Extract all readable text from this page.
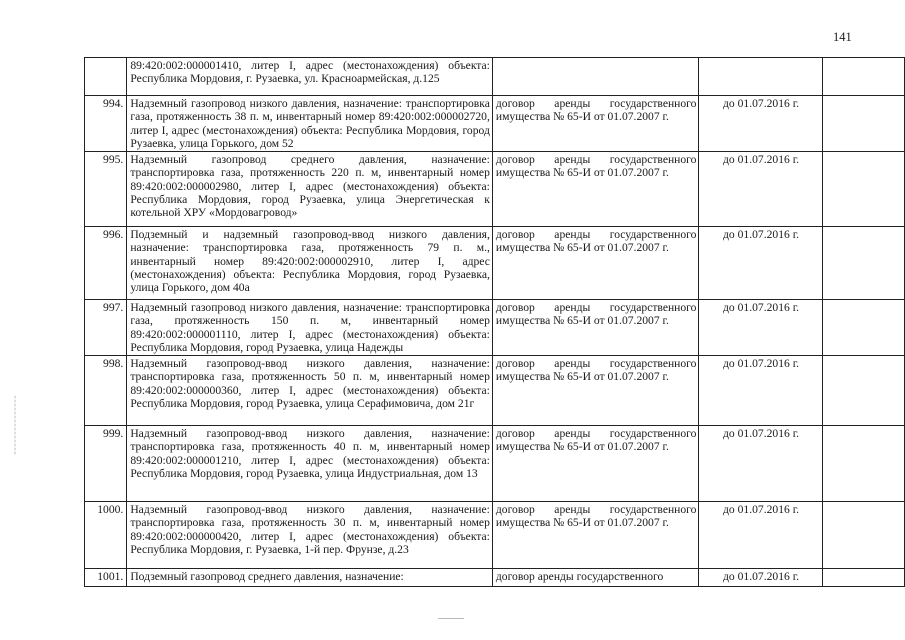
141

	89:420:002:000001410, литер I, адрес (местонахождения) объекта: Республика Мордовия, г. Рузаевка, ул. Красноармейская, д.125			

994.	Надземный газопровод низкого давления, назначение: транспортировка газа, протяженность 38 п. м, инвентарный номер 89:420:002:000002720, литер I, адрес (местонахождения) объекта: Республика Мордовия, город Рузаевка, улица Горького, дом 52	договор аренды государственного имущества № 65-И от 01.07.2007 г.	до 01.07.2016 г.	

995.	Надземный газопровод среднего давления, назначение: транспортировка газа, протяженность 220 п. м, инвентарный номер 89:420:002:000002980, литер I, адрес (местонахождения) объекта: Республика Мордовия, город Рузаевка, улица Энергетическая к котельной ХРУ «Мордовагровод»	договор аренды государственного имущества № 65-И от 01.07.2007 г.	до 01.07.2016 г.	

996.	Подземный и надземный газопровод-ввод низкого давления, назначение: транспортировка газа, протяженность 79 п. м., инвентарный номер 89:420:002:000002910, литер I, адрес (местонахождения) объекта: Республика Мордовия, город Рузаевка, улица Горького, дом 40а	договор аренды государственного имущества № 65-И от 01.07.2007 г.	до 01.07.2016 г.	

997.	Надземный газопровод низкого давления, назначение: транспортировка газа, протяженность 150 п. м, инвентарный номер 89:420:002:000001110, литер I, адрес (местонахождения) объекта: Республика Мордовия, город Рузаевка, улица Надежды	договор аренды государственного имущества № 65-И от 01.07.2007 г.	до 01.07.2016 г.	

998.	Надземный газопровод-ввод низкого давления, назначение: транспортировка газа, протяженность 50 п. м, инвентарный номер 89:420:002:000000360, литер I, адрес (местонахождения) объекта: Республика Мордовия, город Рузаевка, улица Серафимовича, дом 21г	договор аренды государственного имущества № 65-И от 01.07.2007 г.	до 01.07.2016 г.	

999.	Надземный газопровод-ввод низкого давления, назначение: транспортировка газа, протяженность 40 п. м, инвентарный номер 89:420:002:000001210, литер I, адрес (местонахождения) объекта: Республика Мордовия, город Рузаевка, улица Индустриальная, дом 13	договор аренды государственного имущества № 65-И от 01.07.2007 г.	до 01.07.2016 г.	

1000.	Надземный газопровод-ввод низкого давления, назначение: транспортировка газа, протяженность 30 п. м, инвентарный номер 89:420:002:000000420, литер I, адрес (местонахождения) объекта: Республика Мордовия, г. Рузаевка, 1-й пер. Фрунзе, д.23	договор аренды государственного имущества № 65-И от 01.07.2007 г.	до 01.07.2016 г.	

1001.	Подземный газопровод среднего давления, назначение:	договор аренды государственного	до 01.07.2016 г.	
